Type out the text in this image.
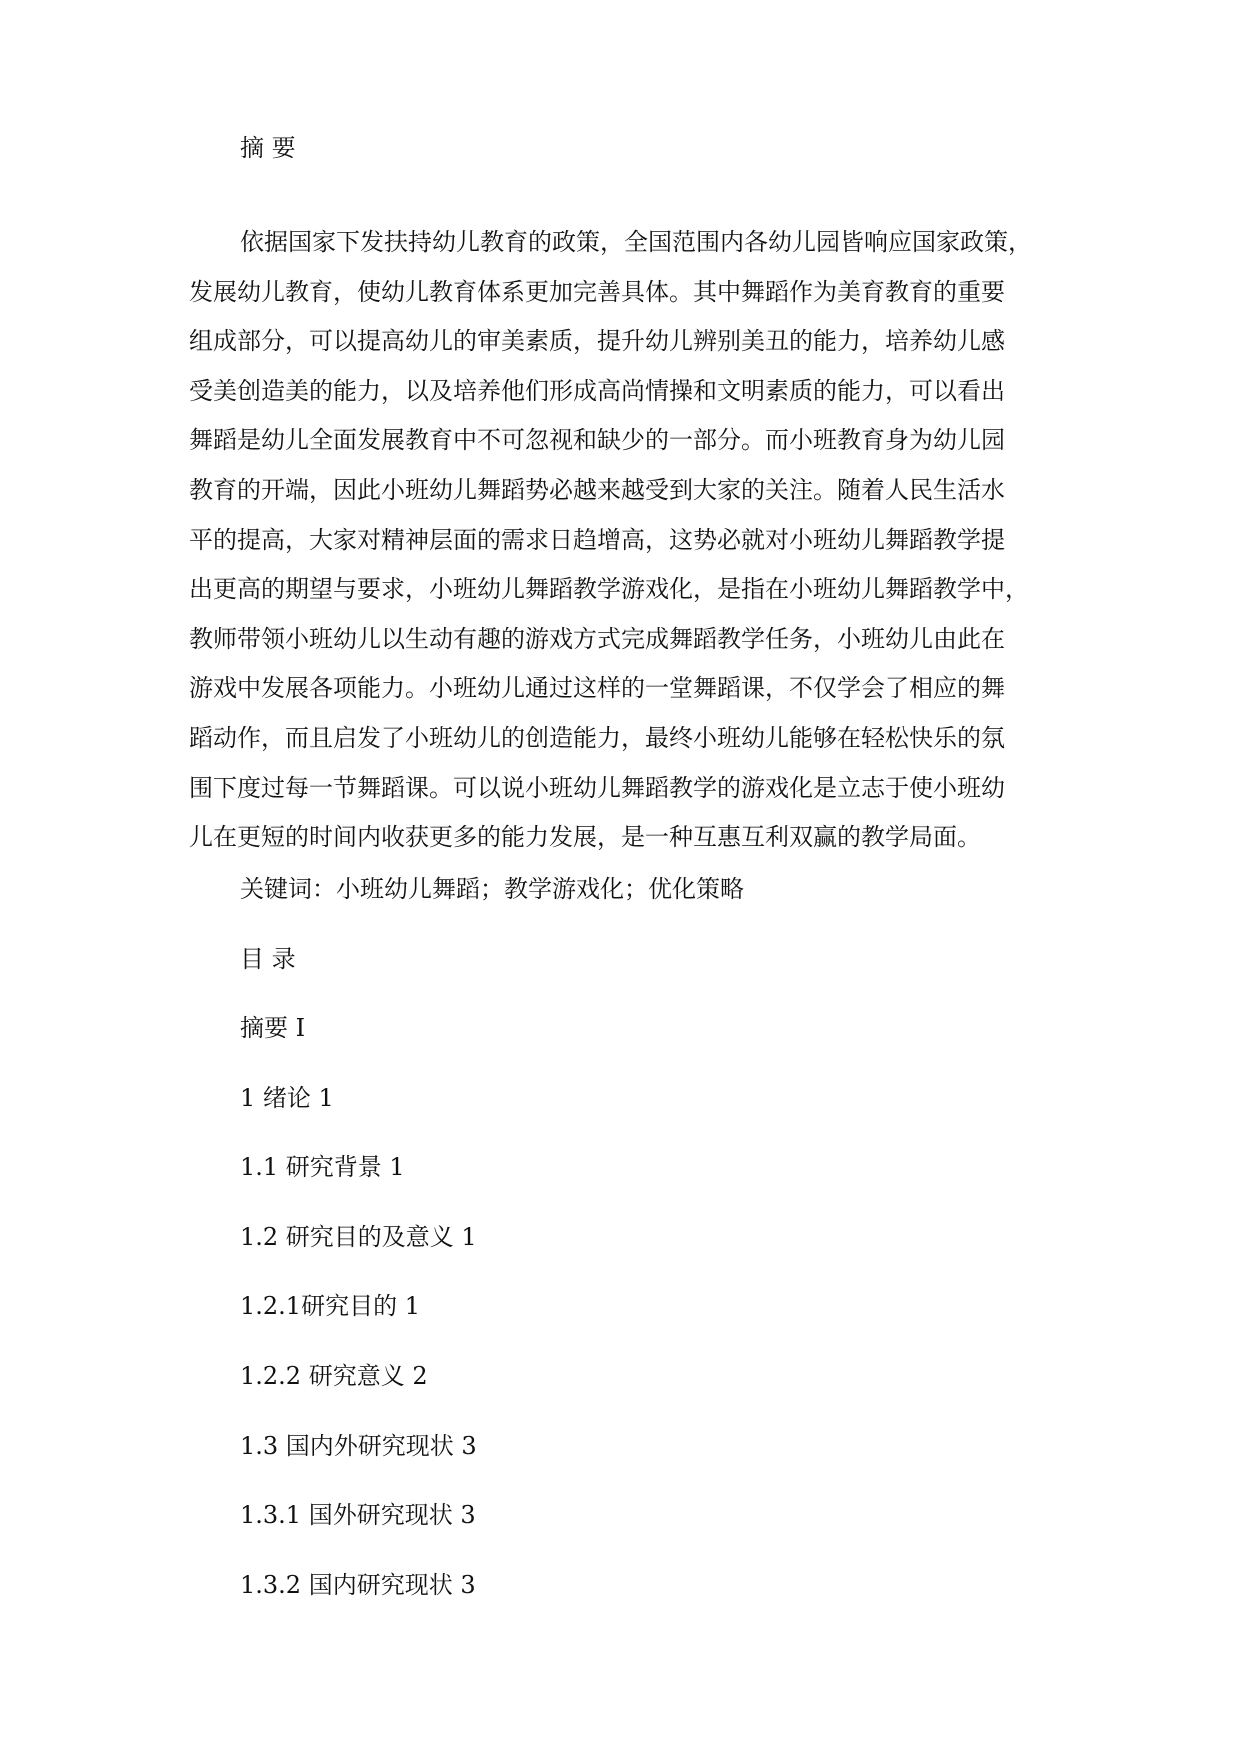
摘 要
依据国家下发扶持幼儿教育的政策，全国范围内各幼儿园皆响应国家政策，
发展幼儿教育，使幼儿教育体系更加完善具体。其中舞蹈作为美育教育的重要
组成部分，可以提高幼儿的审美素质，提升幼儿辨别美丑的能力，培养幼儿感
受美创造美的能力，以及培养他们形成高尚情操和文明素质的能力，可以看出
舞蹈是幼儿全面发展教育中不可忽视和缺少的一部分。而小班教育身为幼儿园
教育的开端，因此小班幼儿舞蹈势必越来越受到大家的关注。随着人民生活水
平的提高，大家对精神层面的需求日趋增高，这势必就对小班幼儿舞蹈教学提
出更高的期望与要求，小班幼儿舞蹈教学游戏化，是指在小班幼儿舞蹈教学中，
教师带领小班幼儿以生动有趣的游戏方式完成舞蹈教学任务，小班幼儿由此在
游戏中发展各项能力。小班幼儿通过这样的一堂舞蹈课，不仅学会了相应的舞
蹈动作，而且启发了小班幼儿的创造能力，最终小班幼儿能够在轻松快乐的氛
围下度过每一节舞蹈课。可以说小班幼儿舞蹈教学的游戏化是立志于使小班幼
儿在更短的时间内收获更多的能力发展，是一种互惠互利双赢的教学局面。
关键词：小班幼儿舞蹈；教学游戏化；优化策略
目 录
摘要 I
1 绪论 1
1.1 研究背景 1
1.2 研究目的及意义 1
1.2.1研究目的 1
1.2.2 研究意义 2
1.3 国内外研究现状 3
1.3.1 国外研究现状 3
1.3.2 国内研究现状 3
